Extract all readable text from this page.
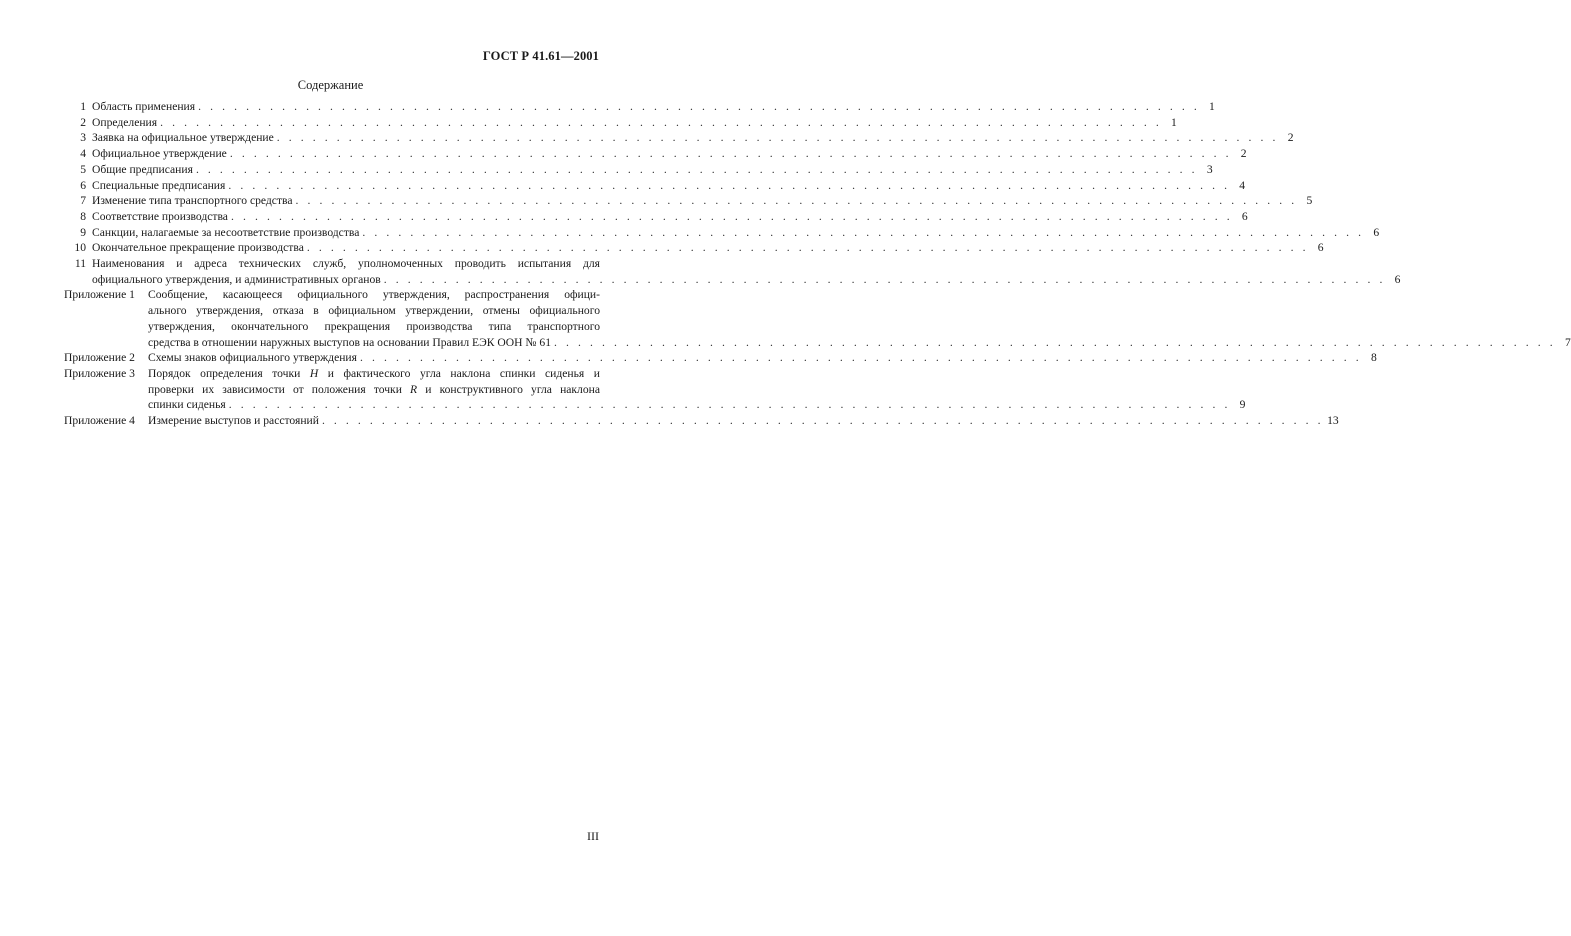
ГОСТ Р 41.61—2001
Содержание
1 Область применения . . . . . . . . . . . . . . . . . . . . . . . . . . . . . . . . . . . . . . . . . . . . . . . . . . . . . . . . . . . . . . . . . . . . . . . . . . . . . . . . . . . . 1
2 Определения . . . . . . . . . . . . . . . . . . . . . . . . . . . . . . . . . . . . . . . . . . . . . . . . . . . . . . . . . . . . . . . . . . . . . . . . . . . . . . . . . . . . 1
3 Заявка на официальное утверждение . . . . . . . . . . . . . . . . . . . . . . . . . . . . . . . . . . . . . . . . . . . . . . . . . . . . . . . . . . . . . . . . . . . . . . . . . . . . . . . . . . . . 2
4 Официальное утверждение . . . . . . . . . . . . . . . . . . . . . . . . . . . . . . . . . . . . . . . . . . . . . . . . . . . . . . . . . . . . . . . . . . . . . . . . . . . . . . . . . . . . 2
5 Общие предписания . . . . . . . . . . . . . . . . . . . . . . . . . . . . . . . . . . . . . . . . . . . . . . . . . . . . . . . . . . . . . . . . . . . . . . . . . . . . . . . . . . . . 3
6 Специальные предписания . . . . . . . . . . . . . . . . . . . . . . . . . . . . . . . . . . . . . . . . . . . . . . . . . . . . . . . . . . . . . . . . . . . . . . . . . . . . . . . . . . . . 4
7 Изменение типа транспортного средства . . . . . . . . . . . . . . . . . . . . . . . . . . . . . . . . . . . . . . . . . . . . . . . . . . . . . . . . . . . . . . . . . . . . . . . . . . . . . . . . . . . . 5
8 Соответствие производства . . . . . . . . . . . . . . . . . . . . . . . . . . . . . . . . . . . . . . . . . . . . . . . . . . . . . . . . . . . . . . . . . . . . . . . . . . . . . . . . . . . . 6
9 Санкции, налагаемые за несоответствие производства . . . . . . . . . . . . . . . . . . . . . . . . . . . . . . . . . . . . . . . . . . . . . . . . . . . . . . . . . . . . . . . . . . . . . . . . . . . . . . . . . . . . 6
10 Окончательное прекращение производства . . . . . . . . . . . . . . . . . . . . . . . . . . . . . . . . . . . . . . . . . . . . . . . . . . . . . . . . . . . . . . . . . . . . . . . . . . . . . . . . . . . . 6
11 Наименования и адреса технических служб, уполномоченных проводить испытания для
официального утверждения, и административных органов . . . . . . . . . . . . . . . . . . . . . . . . . . . . . . . . . . . . . . . . . . . . . . . . . . . . . . . . . . . . . . . . . . . . . . . . . . . . . . . . . . . . 6
Приложение 1	Сообщение, касающееся официального утверждения, распространения офици-
ального утверждения, отказа в официальном утверждении, отмены официального
утверждения, окончательного прекращения производства типа транспортного
средства в отношении наружных выступов на основании Правил ЕЭК ООН № 61 . . . . . . . . . . . . . . . . . . . . . . . . . . . . . . . . . . . . . . . . . . . . . . . . . . . . . . . . . . . . . . . . . . . . . . . . . . . . . . . . . . . . 7
Приложение 2	Схемы знаков официального утверждения . . . . . . . . . . . . . . . . . . . . . . . . . . . . . . . . . . . . . . . . . . . . . . . . . . . . . . . . . . . . . . . . . . . . . . . . . . . . . . . . . . . . 8
Приложение 3	Порядок определения точки H и фактического угла наклона спинки сиденья и
проверки их зависимости от положения точки R и конструктивного угла наклона
спинки сиденья . . . . . . . . . . . . . . . . . . . . . . . . . . . . . . . . . . . . . . . . . . . . . . . . . . . . . . . . . . . . . . . . . . . . . . . . . . . . . . . . . . . . 9
Приложение 4	Измерение выступов и расстояний . . . . . . . . . . . . . . . . . . . . . . . . . . . . . . . . . . . . . . . . . . . . . . . . . . . . . . . . . . . . . . . . . . . . . . . . . . . . . . . . . . . . 13
III
